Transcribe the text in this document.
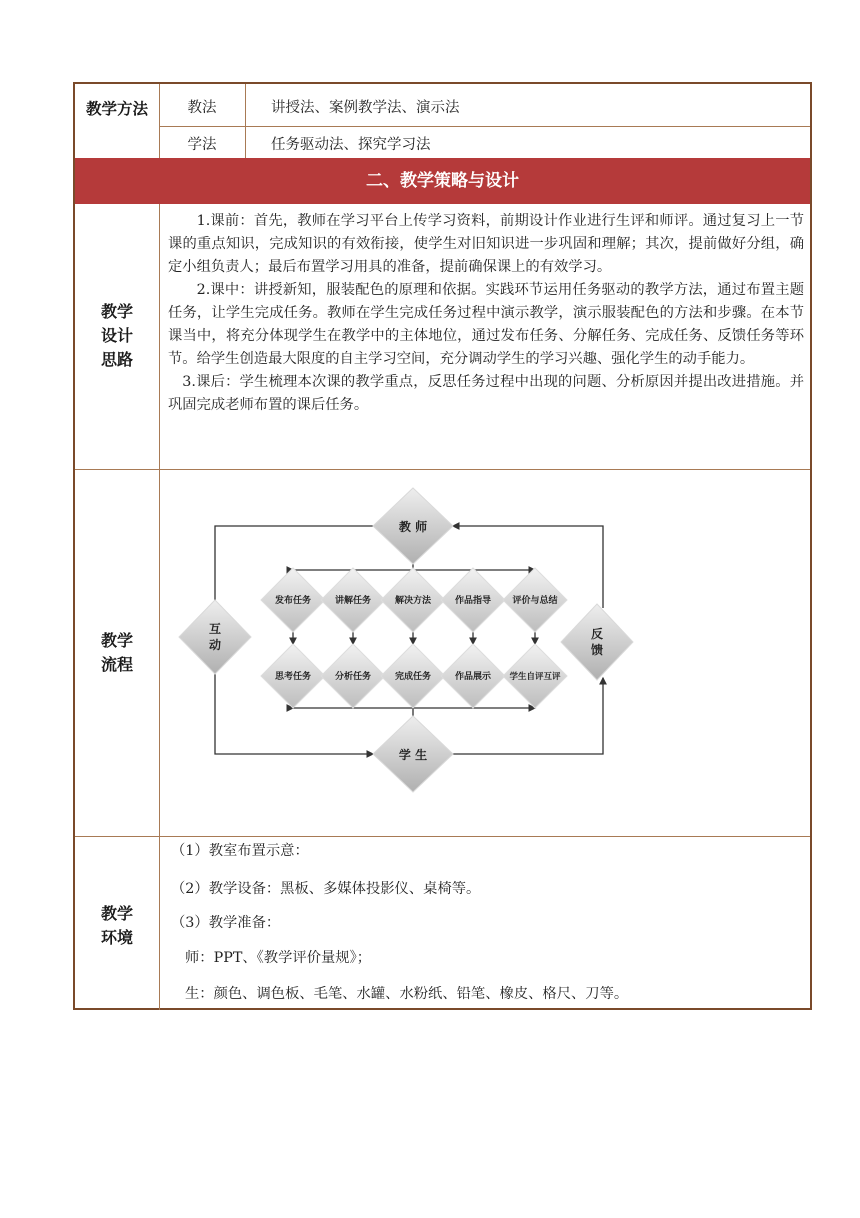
教学方法	教法	讲授法、案例教学法、演示法
学法	任务驱动法、探究学习法
二、教学策略与设计
教学
设计
思路

1.课前：首先，教师在学习平台上传学习资料，前期设计作业进行生评和师评。通过复习上一节课的重点知识，完成知识的有效衔接，使学生对旧知识进一步巩固和理解；其次，提前做好分组，确定小组负责人；最后布置学习用具的准备，提前确保课上的有效学习。

2.课中：讲授新知，服装配色的原理和依据。实践环节运用任务驱动的教学方法，通过布置主题任务，让学生完成任务。教师在学生完成任务过程中演示教学，演示服装配色的方法和步骤。在本节课当中，将充分体现学生在教学中的主体地位，通过发布任务、分解任务、完成任务、反馈任务等环节。给学生创造最大限度的自主学习空间，充分调动学生的学习兴趣、强化学生的动手能力。

3.课后：学生梳理本次课的教学重点，反思任务过程中出现的问题、分析原因并提出改进措施。并巩固完成老师布置的课后任务。

教学
流程
教 师
学 生
互
动
反
馈
发布任务	讲解任务	解决方法	作品指导 评价与总结
思考任务	分析任务	完成任务	作品展示 学生自评互评
教学
环境
（1）教室布置示意：
（2）教学设备：黑板、多媒体投影仪、桌椅等。
（3）教学准备：
师：PPT、《教学评价量规》；
生：颜色、调色板、毛笔、水罐、水粉纸、铅笔、橡皮、格尺、刀等。
